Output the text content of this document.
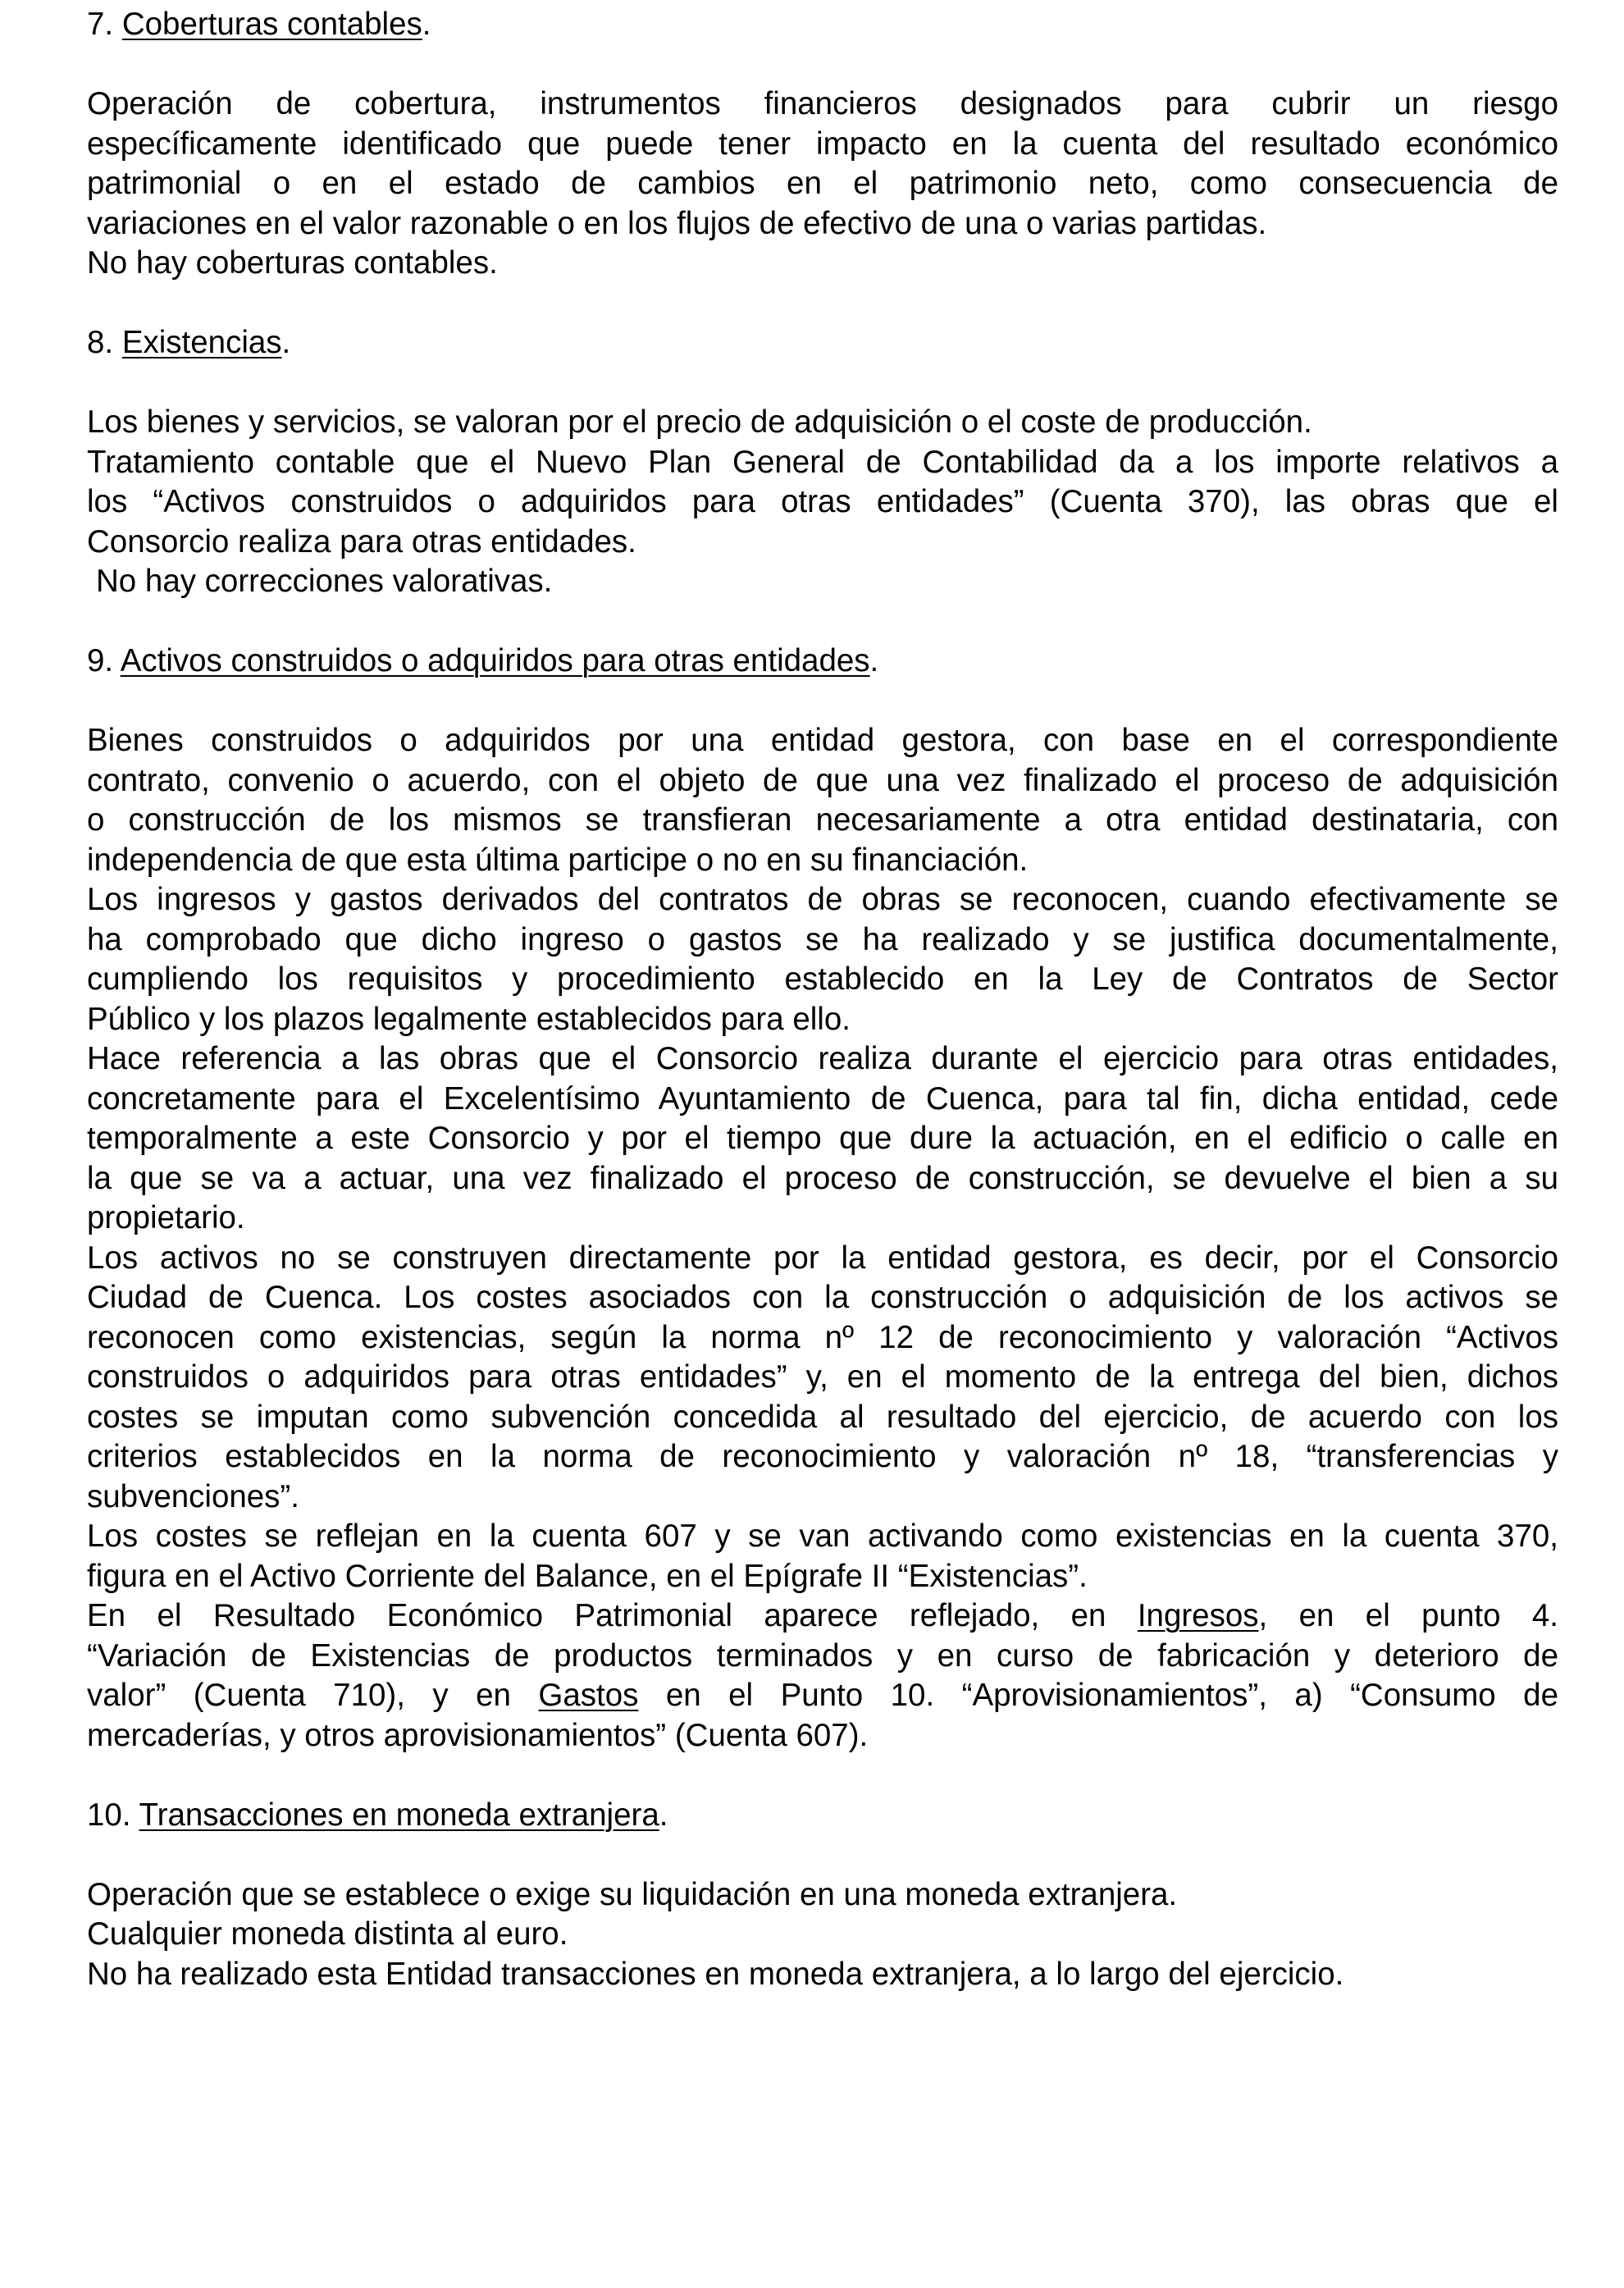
7. Coberturas contables.

Operación de cobertura, instrumentos financieros designados para cubrir un riesgo

específicamente identificado que puede tener impacto en la cuenta del resultado económico

patrimonial o en el estado de cambios en el patrimonio neto, como consecuencia de

variaciones en el valor razonable o en los flujos de efectivo de una o varias partidas.

No hay coberturas contables.

8. Existencias.

Los bienes y servicios, se valoran por el precio de adquisición o el coste de producción.

Tratamiento contable que el Nuevo Plan General de Contabilidad da a los importe relativos a

los “Activos construidos o adquiridos para otras entidades” (Cuenta 370), las obras que el

Consorcio realiza para otras entidades.

No hay correcciones valorativas.

9. Activos construidos o adquiridos para otras entidades.

Bienes construidos o adquiridos por una entidad gestora, con base en el correspondiente

contrato, convenio o acuerdo, con el objeto de que una vez finalizado el proceso de adquisición

o construcción de los mismos se transfieran necesariamente a otra entidad destinataria, con

independencia de que esta última participe o no en su financiación.

Los ingresos y gastos derivados del contratos de obras se reconocen, cuando efectivamente se

ha comprobado que dicho ingreso o gastos se ha realizado y se justifica documentalmente,

cumpliendo los requisitos y procedimiento establecido en la Ley de Contratos de Sector

Público y los plazos legalmente establecidos para ello.

Hace referencia a las obras que el Consorcio realiza durante el ejercicio para otras entidades,

concretamente para el Excelentísimo Ayuntamiento de Cuenca, para tal fin, dicha entidad, cede

temporalmente a este Consorcio y por el tiempo que dure la actuación, en el edificio o calle en

la que se va a actuar, una vez finalizado el proceso de construcción, se devuelve el bien a su

propietario.

Los activos no se construyen directamente por la entidad gestora, es decir, por el Consorcio

Ciudad de Cuenca. Los costes asociados con la construcción o adquisición de los activos se

reconocen como existencias, según la norma nº 12 de reconocimiento y valoración “Activos

construidos o adquiridos para otras entidades” y, en el momento de la entrega del bien, dichos

costes se imputan como subvención concedida al resultado del ejercicio, de acuerdo con los

criterios establecidos en la norma de reconocimiento y valoración nº 18, “transferencias y

subvenciones”.

Los costes se reflejan en la cuenta 607 y se van activando como existencias en la cuenta 370,

figura en el Activo Corriente del Balance, en el Epígrafe II “Existencias”.

En el Resultado Económico Patrimonial aparece reflejado, en Ingresos, en el punto 4.

“Variación de Existencias de productos terminados y en curso de fabricación y deterioro de

valor” (Cuenta 710), y en Gastos en el Punto 10. “Aprovisionamientos”, a) “Consumo de

mercaderías, y otros aprovisionamientos” (Cuenta 607).

10. Transacciones en moneda extranjera.

Operación que se establece o exige su liquidación en una moneda extranjera.

Cualquier moneda distinta al euro.

No ha realizado esta Entidad transacciones en moneda extranjera, a lo largo del ejercicio.
